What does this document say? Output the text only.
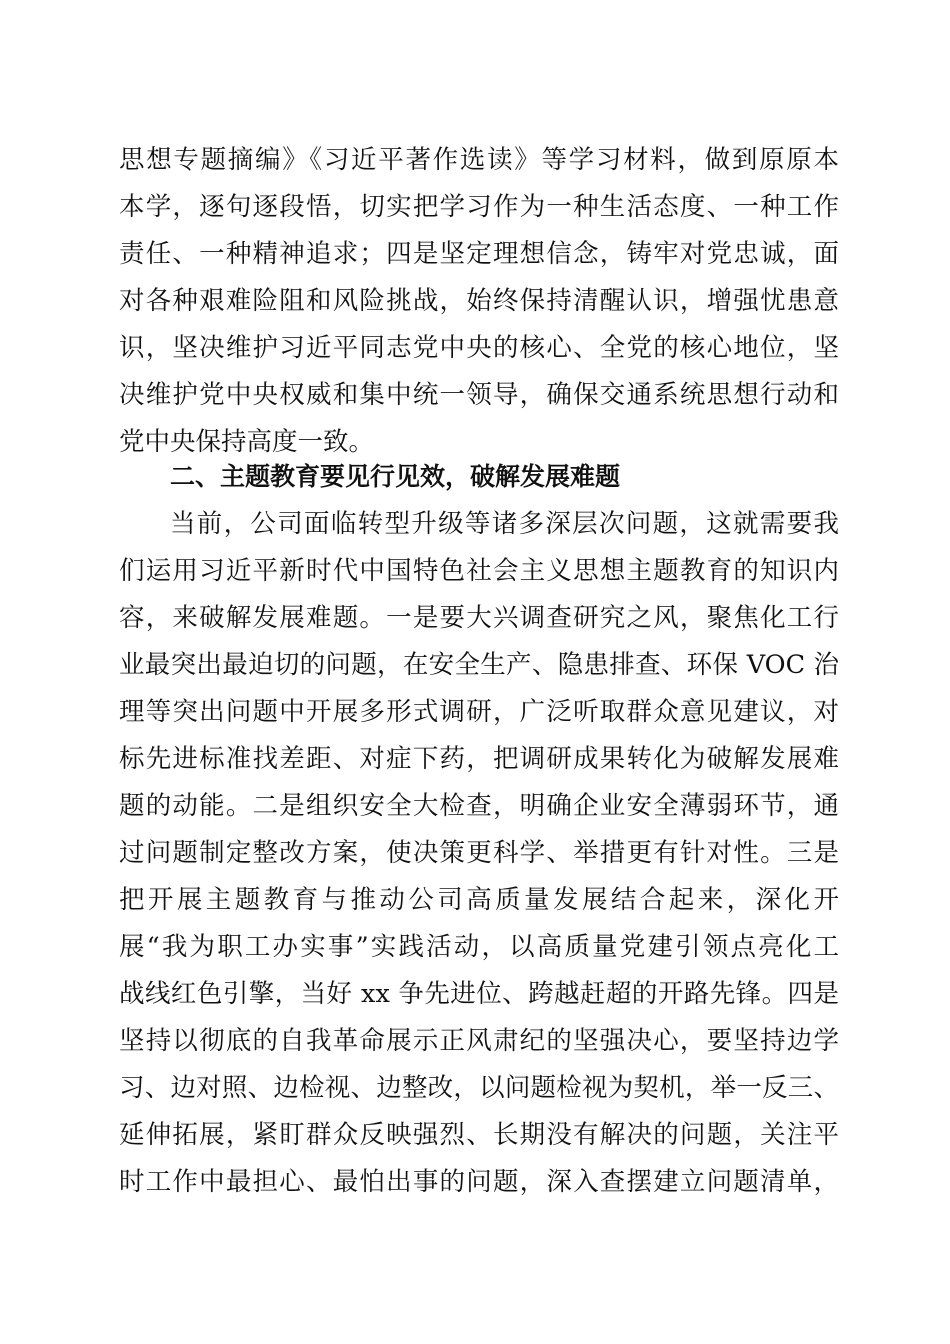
思想专题摘编》《习近平著作选读》等学习材料，做到原原本
本学，逐句逐段悟，切实把学习作为一种生活态度、一种工作
责任、一种精神追求；四是坚定理想信念，铸牢对党忠诚，面
对各种艰难险阻和风险挑战，始终保持清醒认识，增强忧患意
识，坚决维护习近平同志党中央的核心、全党的核心地位，坚
决维护党中央权威和集中统一领导，确保交通系统思想行动和
党中央保持高度一致。
二、主题教育要见行见效，破解发展难题
当前，公司面临转型升级等诸多深层次问题，这就需要我
们运用习近平新时代中国特色社会主义思想主题教育的知识内
容，来破解发展难题。一是要大兴调查研究之风，聚焦化工行
业最突出最迫切的问题，在安全生产、隐患排查、环保 VOC 治
理等突出问题中开展多形式调研，广泛听取群众意见建议，对
标先进标准找差距、对症下药，把调研成果转化为破解发展难
题的动能。二是组织安全大检查，明确企业安全薄弱环节，通
过问题制定整改方案，使决策更科学、举措更有针对性。三是
把开展主题教育与推动公司高质量发展结合起来，深化开
展“我为职工办实事”实践活动，以高质量党建引领点亮化工
战线红色引擎，当好 xx 争先进位、跨越赶超的开路先锋。四是
坚持以彻底的自我革命展示正风肃纪的坚强决心，要坚持边学
习、边对照、边检视、边整改，以问题检视为契机，举一反三、
延伸拓展，紧盯群众反映强烈、长期没有解决的问题，关注平
时工作中最担心、最怕出事的问题，深入查摆建立问题清单，
